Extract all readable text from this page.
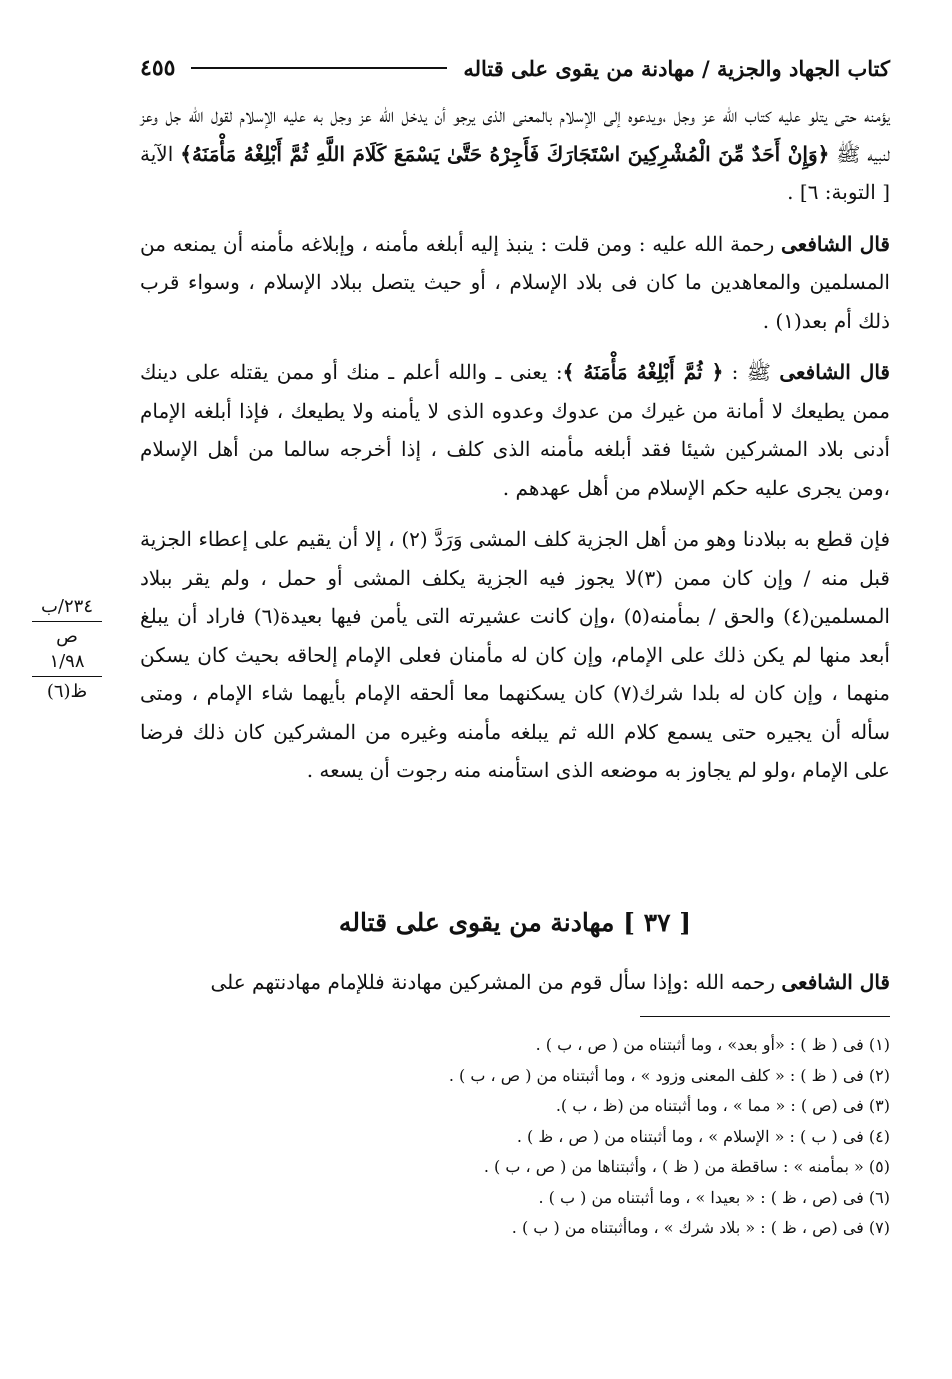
كتاب الجهاد والجزية / مهادنة من يقوى على قتاله
٤٥٥

يؤمنه حتى يتلو عليه كتاب الله عز وجل ،ويدعوه إلى الإسلام بالمعنى الذى يرجو أن يدخل الله عز وجل به عليه الإسلام لقول الله جل وعز لنبيه ﷺ ﴿وَإِنْ أَحَدٌ مِّنَ الْمُشْرِكِينَ اسْتَجَارَكَ فَأَجِرْهُ حَتَّىٰ يَسْمَعَ كَلَامَ اللَّهِ ثُمَّ أَبْلِغْهُ مَأْمَنَهُ﴾ الآية [ التوبة: ٦] .

قال الشافعى رحمة الله عليه : ومن قلت : ينبذ إليه أبلغه مأمنه ، وإبلاغه مأمنه أن يمنعه من المسلمين والمعاهدين ما كان فى بلاد الإسلام ، أو حيث يتصل ببلاد الإسلام ، وسواء قرب ذلك أم بعد(١) .

قال الشافعى ﷺ : ﴿ ثُمَّ أَبْلِغْهُ مَأْمَنَهُ ﴾: يعنى ـ والله أعلم ـ منك أو ممن يقتله على دينك ممن يطيعك لا أمانة من غيرك من عدوك وعدوه الذى لا يأمنه ولا يطيعك ، فإذا أبلغه الإمام أدنى بلاد المشركين شيئا فقد أبلغه مأمنه الذى كلف ، إذا أخرجه سالما من أهل الإسلام ،ومن يجرى عليه حكم الإسلام من أهل عهدهم .

فإن قطع به ببلادنا وهو من أهل الجزية كلف المشى وَرَدَّ (٢) ، إلا أن يقيم على إعطاء الجزية قبل منه / وإن كان ممن (٣)لا يجوز فيه الجزية يكلف المشى أو حمل ، ولم يقر ببلاد المسلمين(٤) والحق / بمأمنه(٥) ،وإن كانت عشيرته التى يأمن فيها بعيدة(٦) فاراد أن يبلغ أبعد منها لم يكن ذلك على الإمام، وإن كان له مأمنان فعلى الإمام إلحاقه بحيث كان يسكن منهما ، وإن كان له بلدا شرك(٧) كان يسكنهما معا ألحقه الإمام بأيهما شاء الإمام ، ومتى سأله أن يجيره حتى يسمع كلام الله ثم يبلغه مأمنه وغيره من المشركين كان ذلك فرضا على الإمام ،ولو لم يجاوز به موضعه الذى استأمنه منه رجوت أن يسعه .

٢٣٤/ب
ص
١/٩٨
ظ(٦)
[ ٣٧ ] مهادنة من يقوى على قتاله
قال الشافعى رحمه الله :وإذا سأل قوم من المشركين مهادنة فللإمام مهادنتهم على
(١) فى ( ظ ) : «أو بعد» ، وما أثبتناه من ( ص ، ب ) .
(٢) فى ( ظ ) : « كلف المعنى وزود » ، وما أثبتناه من ( ص ، ب ) .
(٣) فى (ص ) : « مما » ، وما أثبتناه من (ظ ، ب ).
(٤) فى ( ب ) : « الإسلام » ، وما أثبتناه من ( ص ، ظ ) .
(٥) « بمأمنه » : ساقطة من ( ظ ) ، وأثبتناها من ( ص ، ب ) .
(٦) فى (ص ، ظ ) : « بعيدا » ، وما أثبتناه من ( ب ) .
(٧) فى (ص ، ظ ) : « بلاد شرك » ، وماأثبتناه من ( ب ) .
